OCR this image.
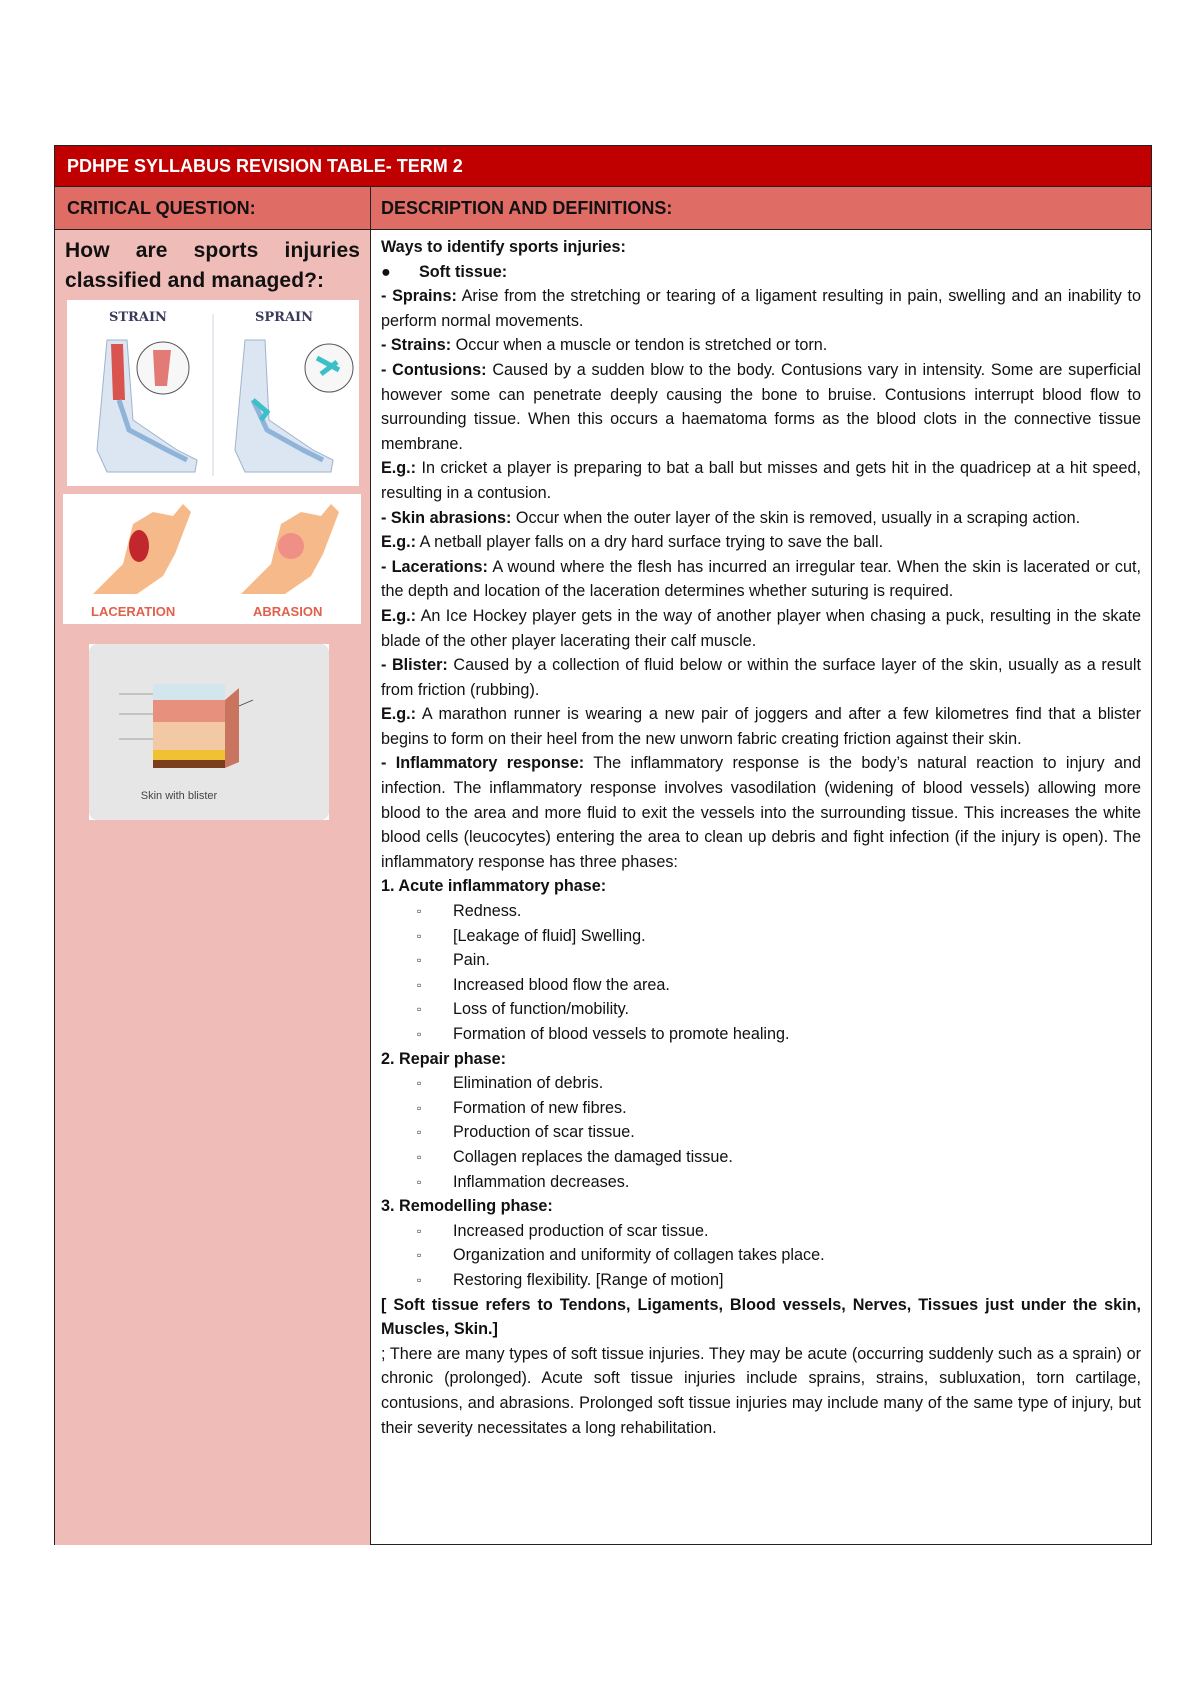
PDHPE SYLLABUS REVISION TABLE- TERM 2
CRITICAL QUESTION:	DESCRIPTION AND DEFINITIONS:
How are sports injuries classified and managed?:
STRAIN	SPRAIN
LACERATION	ABRASION
Skin with blister

Ways to identify sports injuries:

●	Soft tissue:

- Sprains: Arise from the stretching or tearing of a ligament resulting in pain, swelling and an inability to perform normal movements.

- Strains: Occur when a muscle or tendon is stretched or torn.

- Contusions: Caused by a sudden blow to the body. Contusions vary in intensity. Some are superficial however some can penetrate deeply causing the bone to bruise. Contusions interrupt blood flow to surrounding tissue. When this occurs a haematoma forms as the blood clots in the connective tissue membrane.

E.g.: In cricket a player is preparing to bat a ball but misses and gets hit in the quadricep at a hit speed, resulting in a contusion.

- Skin abrasions: Occur when the outer layer of the skin is removed, usually in a scraping action.

E.g.: A netball player falls on a dry hard surface trying to save the ball.

- Lacerations: A wound where the flesh has incurred an irregular tear. When the skin is lacerated or cut, the depth and location of the laceration determines whether suturing is required.

E.g.: An Ice Hockey player gets in the way of another player when chasing a puck, resulting in the skate blade of the other player lacerating their calf muscle.

- Blister: Caused by a collection of fluid below or within the surface layer of the skin, usually as a result from friction (rubbing).

E.g.: A marathon runner is wearing a new pair of joggers and after a few kilometres find that a blister begins to form on their heel from the new unworn fabric creating friction against their skin.

- Inflammatory response: The inflammatory response is the body’s natural reaction to injury and infection. The inflammatory response involves vasodilation (widening of blood vessels) allowing more blood to the area and more fluid to exit the vessels into the surrounding tissue. This increases the white blood cells (leucocytes) entering the area to clean up debris and fight infection (if the injury is open). The inflammatory response has three phases:

1. Acute inflammatory phase:

▫	Redness.
▫	[Leakage of fluid] Swelling.
▫	Pain.
▫	Increased blood flow the area.
▫	Loss of function/mobility.
▫	Formation of blood vessels to promote healing.

2. Repair phase:

▫	Elimination of debris.
▫	Formation of new fibres.
▫	Production of scar tissue.
▫	Collagen replaces the damaged tissue.
▫	Inflammation decreases.

3. Remodelling phase:

▫	Increased production of scar tissue.
▫	Organization and uniformity of collagen takes place.
▫	Restoring flexibility. [Range of motion]

[ Soft tissue refers to Tendons, Ligaments, Blood vessels, Nerves, Tissues just under the skin, Muscles, Skin.]

; There are many types of soft tissue injuries. They may be acute (occurring suddenly such as a sprain) or chronic (prolonged). Acute soft tissue injuries include sprains, strains, subluxation, torn cartilage, contusions, and abrasions. Prolonged soft tissue injuries may include many of the same type of injury, but their severity necessitates a long rehabilitation.
